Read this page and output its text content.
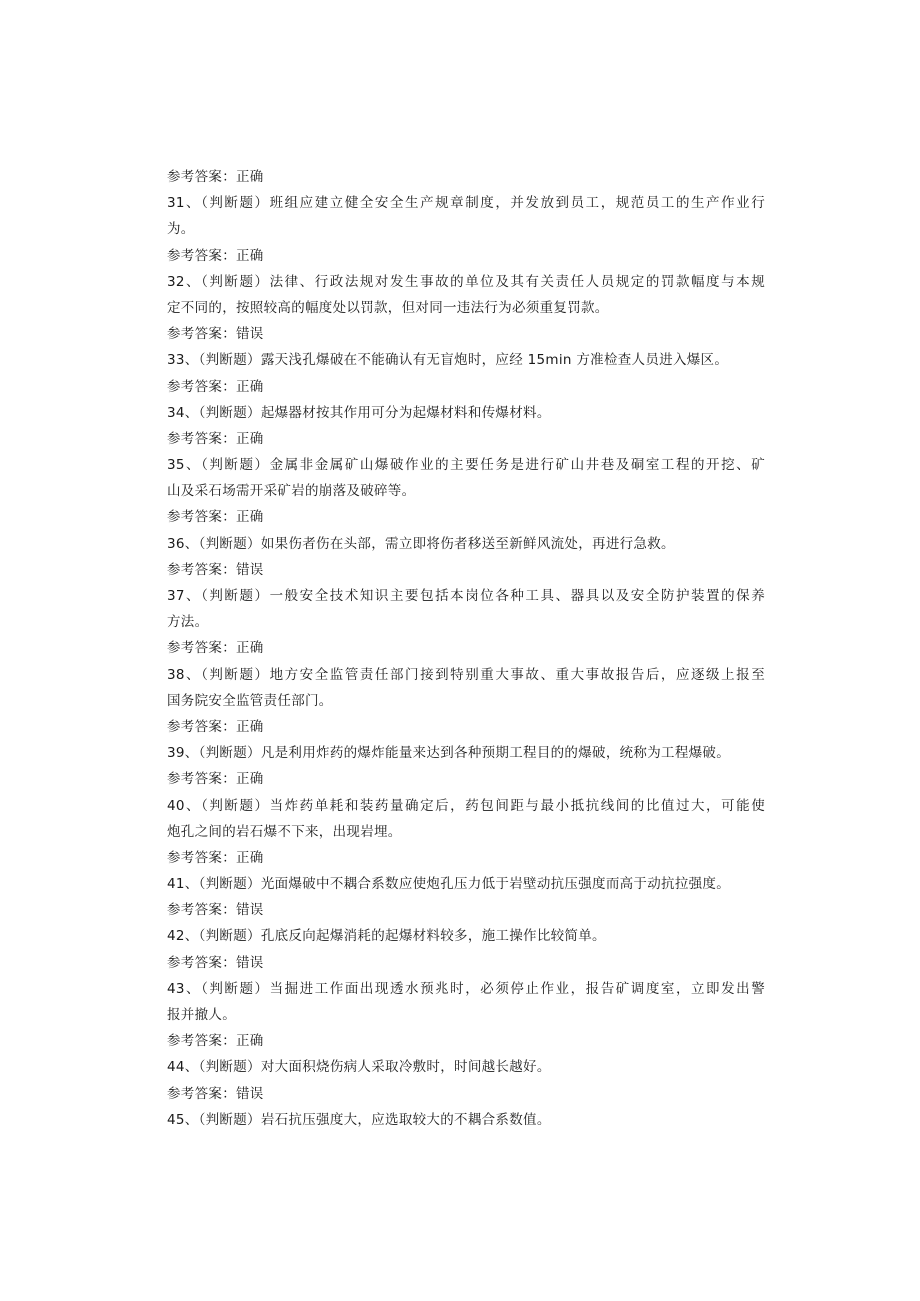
参考答案：正确
31、（判断题）班组应建立健全安全生产规章制度，并发放到员工，规范员工的生产作业行
为。
参考答案：正确
32、（判断题）法律、行政法规对发生事故的单位及其有关责任人员规定的罚款幅度与本规
定不同的，按照较高的幅度处以罚款，但对同一违法行为必须重复罚款。
参考答案：错误
33、（判断题）露天浅孔爆破在不能确认有无盲炮时，应经 15min 方准检查人员进入爆区。
参考答案：正确
34、（判断题）起爆器材按其作用可分为起爆材料和传爆材料。
参考答案：正确
35、（判断题）金属非金属矿山爆破作业的主要任务是进行矿山井巷及硐室工程的开挖、矿
山及采石场需开采矿岩的崩落及破碎等。
参考答案：正确
36、（判断题）如果伤者伤在头部，需立即将伤者移送至新鲜风流处，再进行急救。
参考答案：错误
37、（判断题）一般安全技术知识主要包括本岗位各种工具、器具以及安全防护装置的保养
方法。
参考答案：正确
38、（判断题）地方安全监管责任部门接到特别重大事故、重大事故报告后，应逐级上报至
国务院安全监管责任部门。
参考答案：正确
39、（判断题）凡是利用炸药的爆炸能量来达到各种预期工程目的的爆破，统称为工程爆破。
参考答案：正确
40、（判断题）当炸药单耗和装药量确定后，药包间距与最小抵抗线间的比值过大，可能使
炮孔之间的岩石爆不下来，出现岩埋。
参考答案：正确
41、（判断题）光面爆破中不耦合系数应使炮孔压力低于岩壁动抗压强度而高于动抗拉强度。
参考答案：错误
42、（判断题）孔底反向起爆消耗的起爆材料较多，施工操作比较简单。
参考答案：错误
43、（判断题）当掘进工作面出现透水预兆时，必须停止作业，报告矿调度室，立即发出警
报并撤人。
参考答案：正确
44、（判断题）对大面积烧伤病人采取冷敷时，时间越长越好。
参考答案：错误
45、（判断题）岩石抗压强度大，应选取较大的不耦合系数值。
